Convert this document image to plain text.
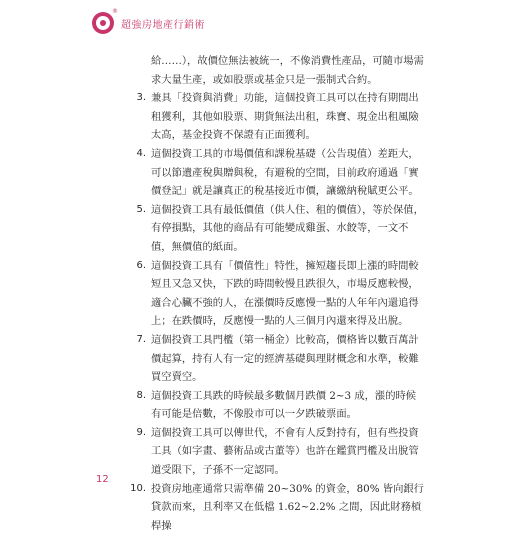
®
超強房地產行銷術
給……），故價位無法被統一，不像消費性產品，可隨市場需求大量生產，或如股票或基金只是一張制式合約。
3. 兼具「投資與消費」功能，這個投資工具可以在持有期間出租獲利，其他如股票、期貨無法出租，珠寶、現金出租風險太高，基金投資不保證有正面獲利。
4. 這個投資工具的市場價值和課稅基礎（公告現值）差距大，可以節遺產稅與贈與稅，有避稅的空間，目前政府通過「實價登記」就是讓真正的稅基接近市價，讓繳納稅賦更公平。
5. 這個投資工具有最低價值（供人住、租的價值），等於保值，有停損點，其他的商品有可能變成雞蛋、水餃等，一文不值，無價值的紙面。
6. 這個投資工具有「價值性」特性，擁短趨長即上漲的時間較短且又急又快，下跌的時間較慢且跌很久，市場反應較慢，適合心臟不強的人，在漲價時反應慢一點的人年年內還追得上；在跌價時，反應慢一點的人三個月內還來得及出脫。
7. 這個投資工具門檻（第一桶金）比較高，價格皆以數百萬計價起算，持有人有一定的經濟基礎與理財概念和水準，較難買空賣空。
8. 這個投資工具跌的時候最多數個月跌價 2~3 成，漲的時候有可能是倍數，不像股市可以一夕跌破票面。
9. 這個投資工具可以傳世代，不會有人反對持有，但有些投資工具（如字畫、藝術品或古董等）也許在鑑賞門檻及出脫管道受限下，子孫不一定認同。
10. 投資房地產通常只需準備 20~30% 的資金，80% 皆向銀行貸款而來，且利率又在低檔 1.62~2.2% 之間，因此財務槓桿操
12
